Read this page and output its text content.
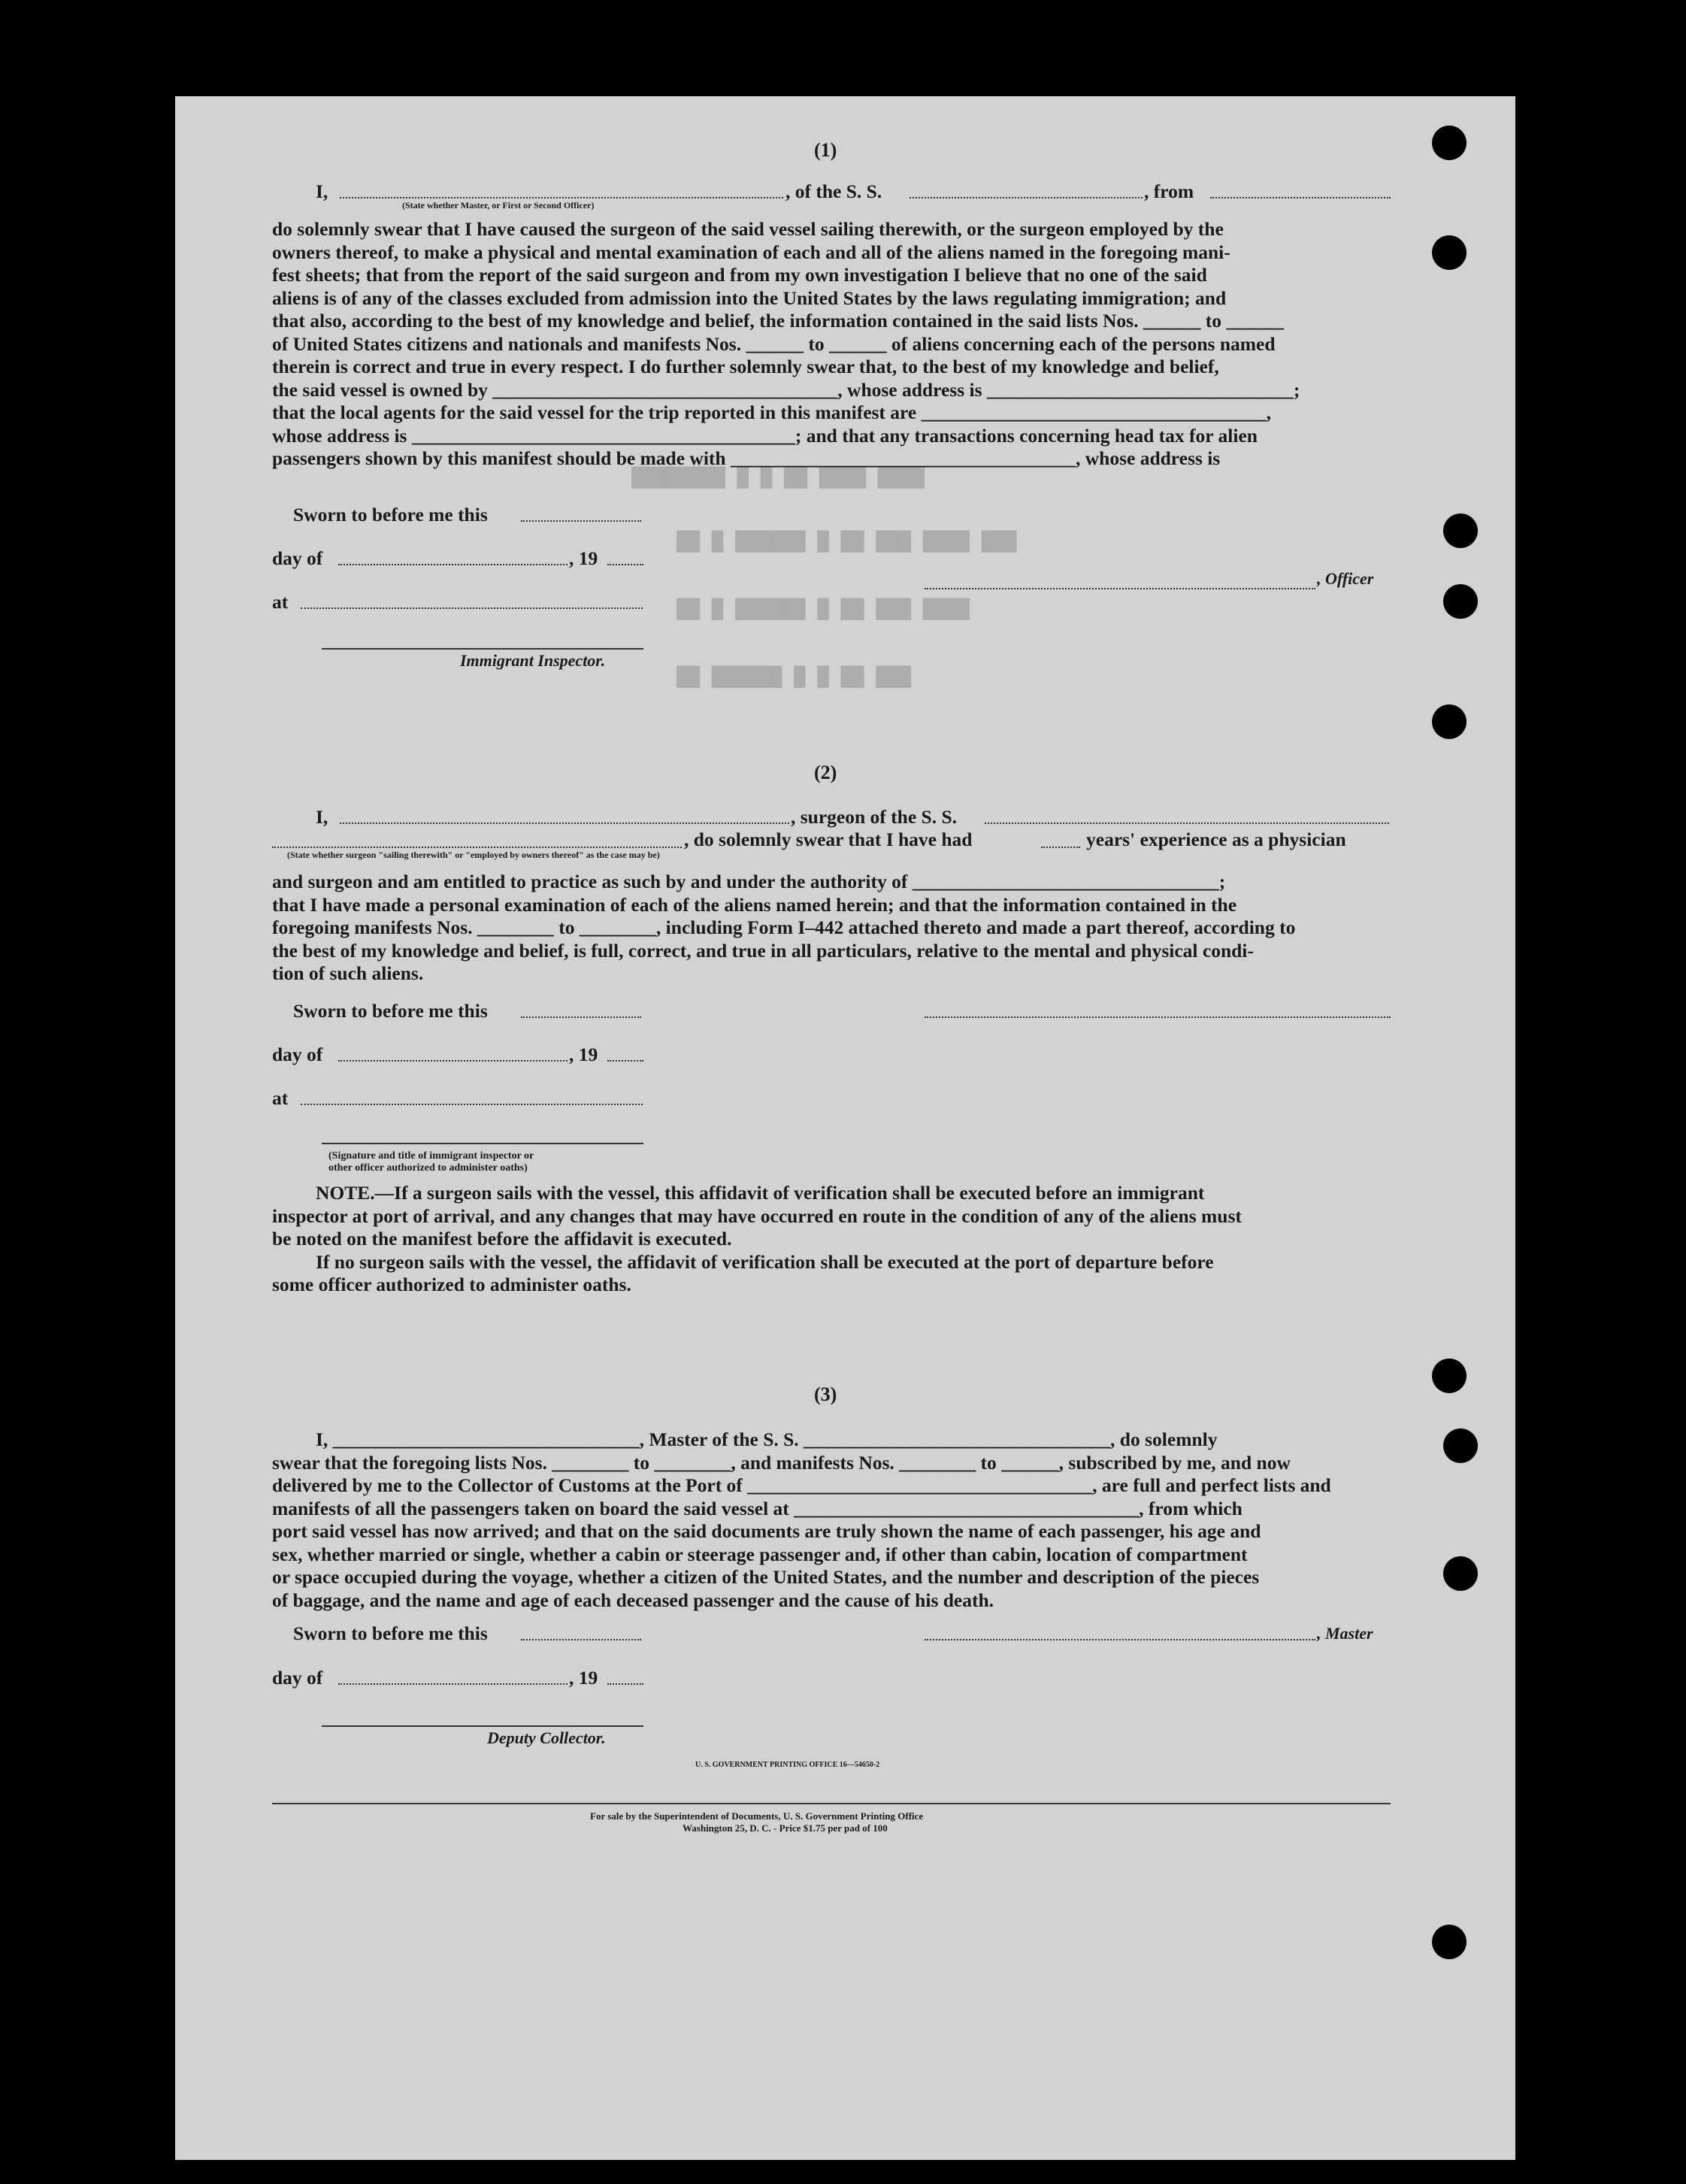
████ ████ ██ █ █ ████████
███ ████ ███ ██ █ ██████ █ ██
████ ███ ██ █ ██████ █ ██
███ ██ █ █ ██████ ██
(1)
I,	, of the S. S.	, from
(State whether Master, or First or Second Officer)
do solemnly swear that I have caused the surgeon of the said vessel sailing therewith, or the surgeon employed by the
owners thereof, to make a physical and mental examination of each and all of the aliens named in the foregoing mani-
fest sheets; that from the report of the said surgeon and from my own investigation I believe that no one of the said
aliens is of any of the classes excluded from admission into the United States by the laws regulating immigration; and
that also, according to the best of my knowledge and belief, the information contained in the said lists Nos. ______ to ______
of United States citizens and nationals and manifests Nos. ______ to ______ of aliens concerning each of the persons named
therein is correct and true in every respect. I do further solemnly swear that, to the best of my knowledge and belief,
the said vessel is owned by ____________________________________, whose address is ________________________________;
that the local agents for the said vessel for the trip reported in this manifest are ____________________________________,
whose address is ________________________________________; and that any transactions concerning head tax for alien
passengers shown by this manifest should be made with ____________________________________, whose address is
Sworn to before me this
day of	, 19
, Officer
at
Immigrant Inspector.
(2)
I,	, surgeon of the S. S.
, do solemnly swear that I have had	years' experience as a physician
(State whether surgeon "sailing therewith" or "employed by owners thereof" as the case may be)
and surgeon and am entitled to practice as such by and under the authority of ________________________________;
that I have made a personal examination of each of the aliens named herein; and that the information contained in the
foregoing manifests Nos. ________ to ________, including Form I–442 attached thereto and made a part thereof, according to
the best of my knowledge and belief, is full, correct, and true in all particulars, relative to the mental and physical condi-
tion of such aliens.
Sworn to before me this
day of	, 19
at
(Signature and title of immigrant inspector or
other officer authorized to administer oaths)
NOTE.—If a surgeon sails with the vessel, this affidavit of verification shall be executed before an immigrant
inspector at port of arrival, and any changes that may have occurred en route in the condition of any of the aliens must
be noted on the manifest before the affidavit is executed.
If no surgeon sails with the vessel, the affidavit of verification shall be executed at the port of departure before
some officer authorized to administer oaths.
(3)
I, ________________________________, Master of the S. S. ________________________________, do solemnly
swear that the foregoing lists Nos. ________ to ________, and manifests Nos. ________ to ______, subscribed by me, and now
delivered by me to the Collector of Customs at the Port of ____________________________________, are full and perfect lists and
manifests of all the passengers taken on board the said vessel at ____________________________________, from which
port said vessel has now arrived; and that on the said documents are truly shown the name of each passenger, his age and
sex, whether married or single, whether a cabin or steerage passenger and, if other than cabin, location of compartment
or space occupied during the voyage, whether a citizen of the United States, and the number and description of the pieces
of baggage, and the name and age of each deceased passenger and the cause of his death.
Sworn to before me this	, Master
day of	, 19
Deputy Collector.
U. S. GOVERNMENT PRINTING OFFICE 16—54650-2
For sale by the Superintendent of Documents, U. S. Government Printing Office
Washington 25, D. C. - Price $1.75 per pad of 100
